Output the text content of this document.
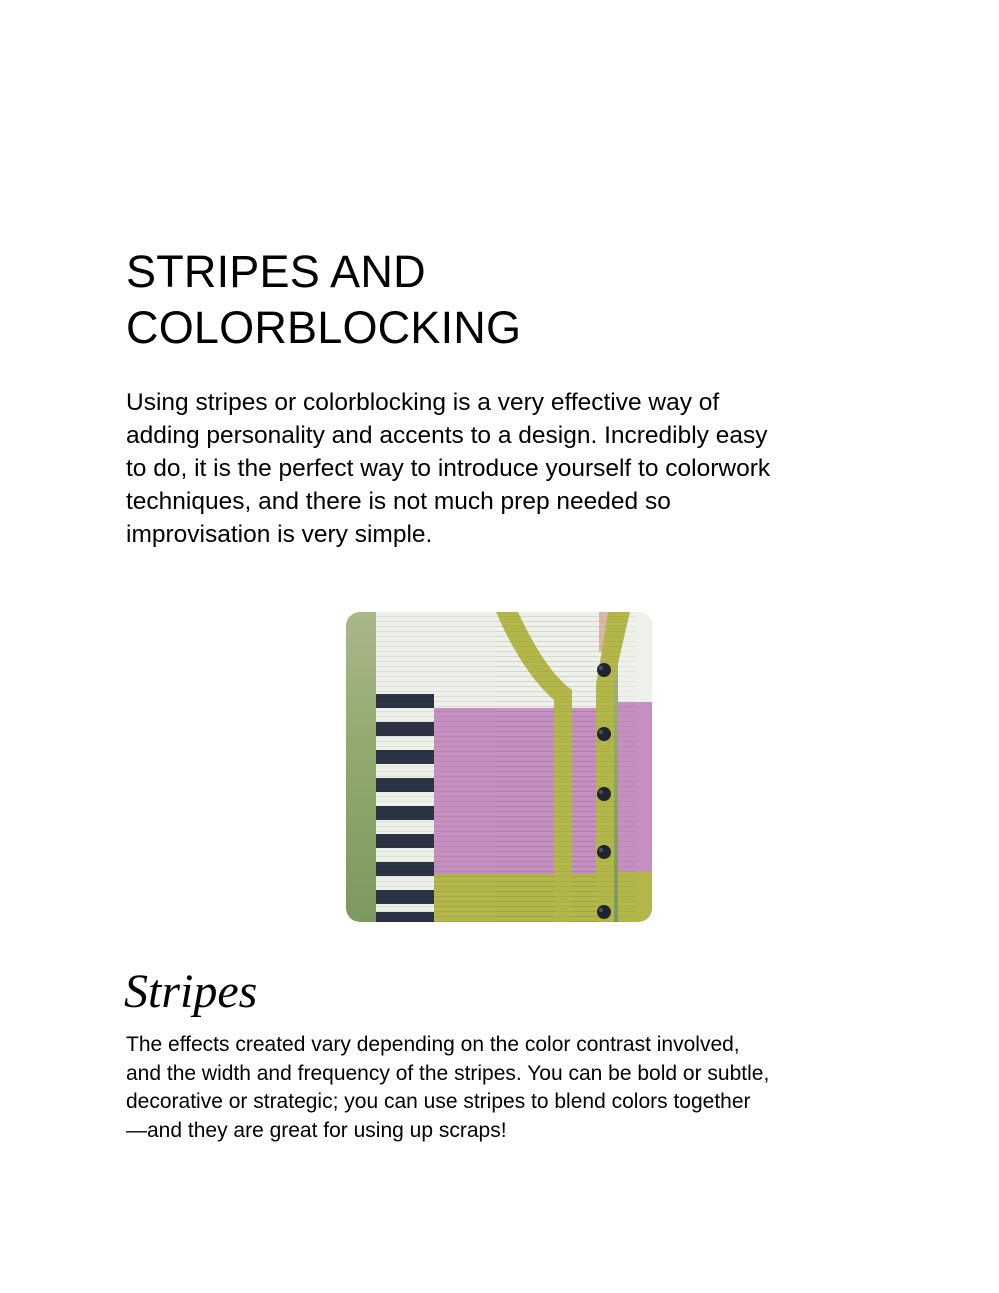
STRIPES AND
COLORBLOCKING

Using stripes or colorblocking is a very effective way of
adding personality and accents to a design. Incredibly easy
to do, it is the perfect way to introduce yourself to colorwork
techniques, and there is not much prep needed so
improvisation is very simple.

Stripes

The effects created vary depending on the color contrast involved,
and the width and frequency of the stripes. You can be bold or subtle,
decorative or strategic; you can use stripes to blend colors together
—and they are great for using up scraps!
